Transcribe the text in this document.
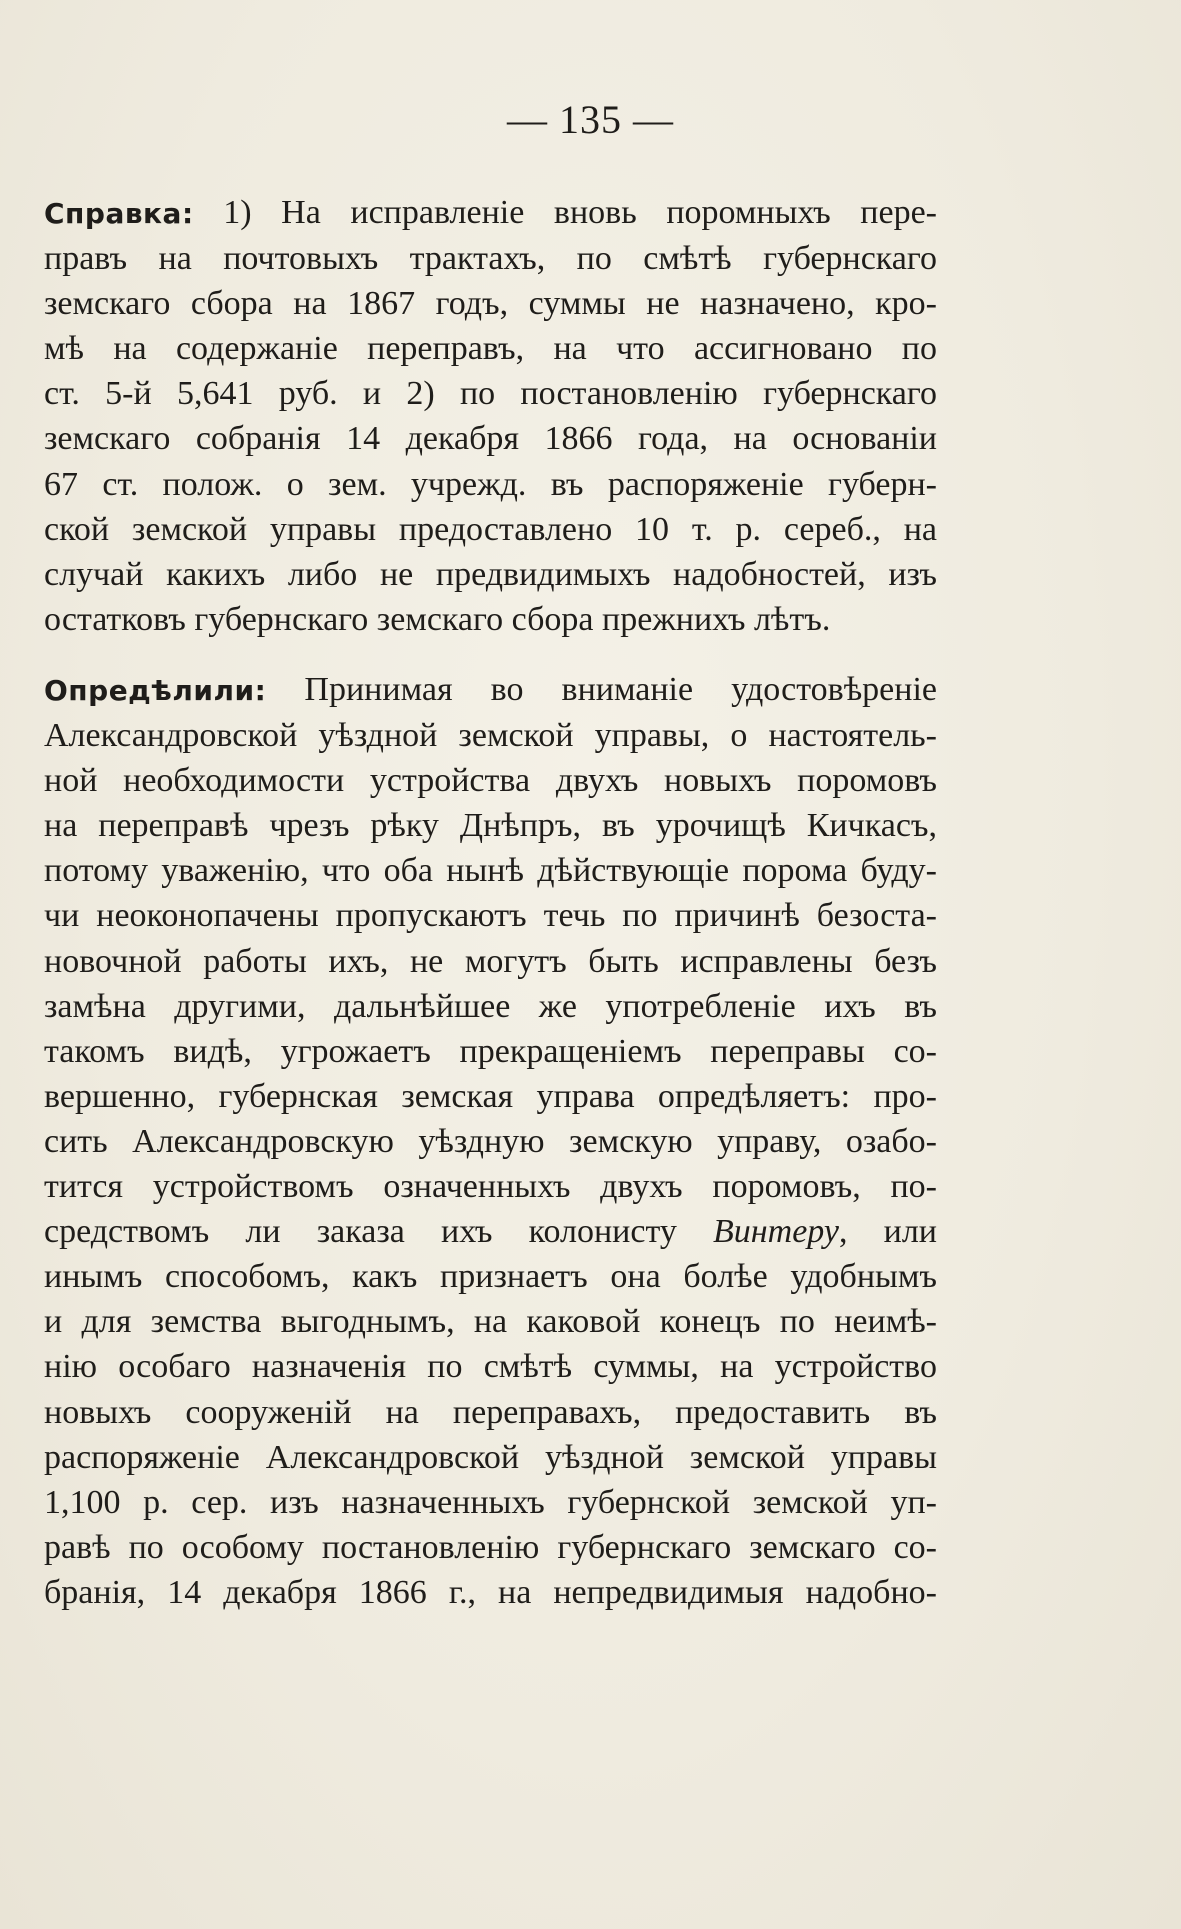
— 135 —
Справка: 1) На исправленіе вновь поромныхъ пере-
правъ на почтовыхъ трактахъ, по смѣтѣ губернскаго
земскаго сбора на 1867 годъ, суммы не назначено, кро-
мѣ на содержаніе переправъ, на что ассигновано по
ст. 5-й 5,641 руб. и 2) по постановленію губернскаго
земскаго собранія 14 декабря 1866 года, на основаніи
67 ст. полож. о зем. учрежд. въ распоряженіе губерн-
ской земской управы предоставлено 10 т. р. сереб., на
случай какихъ либо не предвидимыхъ надобностей, изъ
остатковъ губернскаго земскаго сбора прежнихъ лѣтъ.
Опредѣлили: Принимая во вниманіе удостовѣреніе
Александровской уѣздной земской управы, о настоятель-
ной необходимости устройства двухъ новыхъ поромовъ
на переправѣ чрезъ рѣку Днѣпръ, въ урочищѣ Кичкасъ,
потому уваженію, что оба нынѣ дѣйствующіе порома буду-
чи неоконопачены пропускаютъ течь по причинѣ безоста-
новочной работы ихъ, не могутъ быть исправлены безъ
замѣна другими, дальнѣйшее же употребленіе ихъ въ
такомъ видѣ, угрожаетъ прекращеніемъ переправы со-
вершенно, губернская земская управа опредѣляетъ: про-
сить Александровскую уѣздную земскую управу, озабо-
тится устройствомъ означенныхъ двухъ поромовъ, по-
средствомъ ли заказа ихъ колонисту Винтеру, или
инымъ способомъ, какъ признаетъ она болѣе удобнымъ
и для земства выгоднымъ, на каковой конецъ по неимѣ-
нію особаго назначенія по смѣтѣ суммы, на устройство
новыхъ сооруженій на переправахъ, предоставить въ
распоряженіе Александровской уѣздной земской управы
1,100 р. сер. изъ назначенныхъ губернской земской уп-
равѣ по особому постановленію губернскаго земскаго со-
бранія, 14 декабря 1866 г., на непредвидимыя надобно-
